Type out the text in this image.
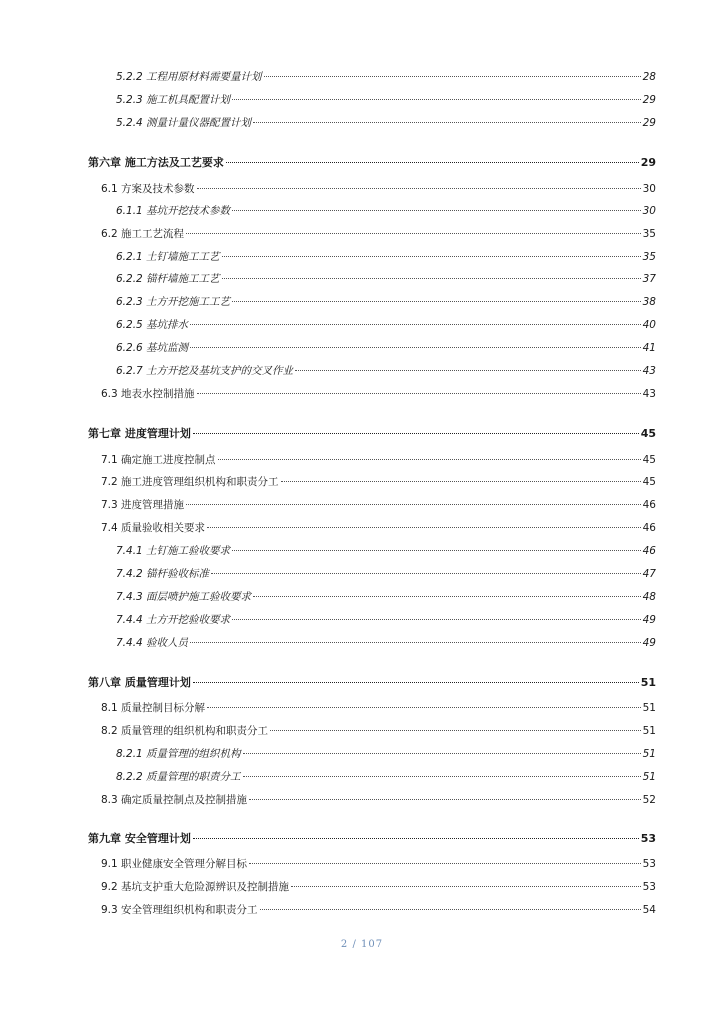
5.2.2 工程用原材料需要量计划	28
5.2.3 施工机具配置计划	29
5.2.4 测量计量仪器配置计划	29
第六章 施工方法及工艺要求	29
6.1 方案及技术参数	30
6.1.1 基坑开挖技术参数	30
6.2 施工工艺流程	35
6.2.1 土钉墙施工工艺	35
6.2.2 锚杆墙施工工艺	37
6.2.3 土方开挖施工工艺	38
6.2.5 基坑排水	40
6.2.6 基坑监测	41
6.2.7 土方开挖及基坑支护的交叉作业	43
6.3 地表水控制措施	43
第七章 进度管理计划	45
7.1 确定施工进度控制点	45
7.2 施工进度管理组织机构和职责分工	45
7.3 进度管理措施	46
7.4 质量验收相关要求	46
7.4.1 土钉施工验收要求	46
7.4.2 锚杆验收标准	47
7.4.3 面层喷护施工验收要求	48
7.4.4 土方开挖验收要求	49
7.4.4 验收人员	49
第八章 质量管理计划	51
8.1 质量控制目标分解	51
8.2 质量管理的组织机构和职责分工	51
8.2.1 质量管理的组织机构	51
8.2.2 质量管理的职责分工	51
8.3 确定质量控制点及控制措施	52
第九章 安全管理计划	53
9.1 职业健康安全管理分解目标	53
9.2 基坑支护重大危险源辨识及控制措施	53
9.3 安全管理组织机构和职责分工	54
2 / 107
